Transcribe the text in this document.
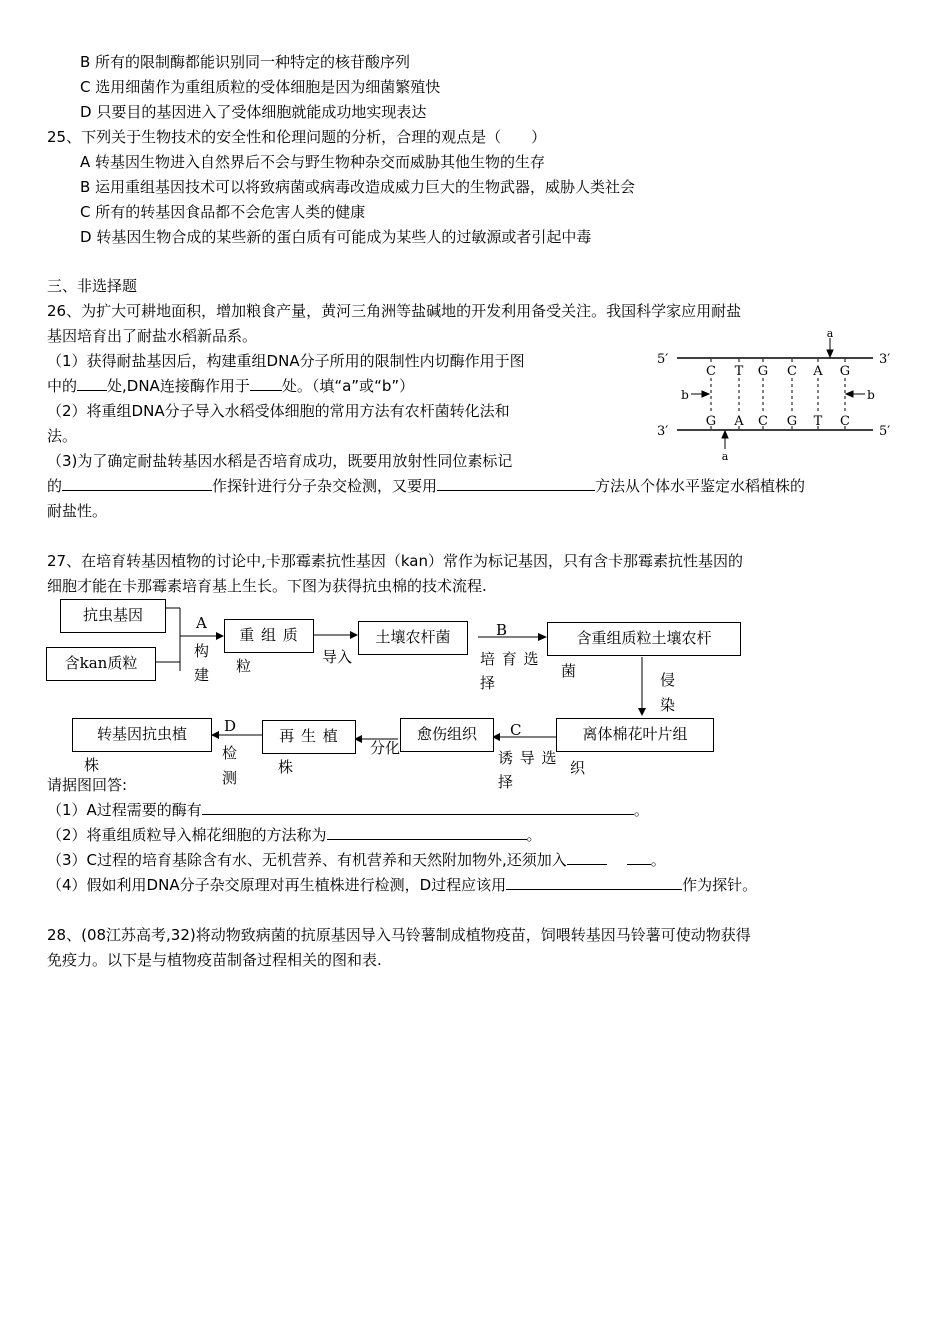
B 所有的限制酶都能识别同一种特定的核苷酸序列
C 选用细菌作为重组质粒的受体细胞是因为细菌繁殖快
D 只要目的基因进入了受体细胞就能成功地实现表达
25、下列关于生物技术的安全性和伦理问题的分析，合理的观点是（　　）
A 转基因生物进入自然界后不会与野生物种杂交而威胁其他生物的生存
B 运用重组基因技术可以将致病菌或病毒改造成威力巨大的生物武器，威胁人类社会
C 所有的转基因食品都不会危害人类的健康
D 转基因生物合成的某些新的蛋白质有可能成为某些人的过敏源或者引起中毒
三、非选择题
26、为扩大可耕地面积，增加粮食产量，黄河三角洲等盐碱地的开发利用备受关注。我国科学家应用耐盐
基因培育出了耐盐水稻新品系。
（1）获得耐盐基因后，构建重组DNA分子所用的限制性内切酶作用于图
中的 处,DNA连接酶作用于 处。（填“a”或“b”）
（2）将重组DNA分子导入水稻受体细胞的常用方法有农杆菌转化法和
法。
（3)为了确定耐盐转基因水稻是否培育成功，既要用放射性同位素标记
的	作探针进行分子杂交检测，又要用	方法从个体水平鉴定水稻植株的
耐盐性。
C T G C A G
G A C G T C
5′	3′
3′	5′
a
a
b	b
27、在培育转基因植物的讨论中,卡那霉素抗性基因（kan）常作为标记基因，只有含卡那霉素抗性基因的
细胞才能在卡那霉素培育基上生长。下图为获得抗虫棉的技术流程.
抗虫基因
含kan质粒
重 组 质	土壤农杆菌	含重组质粒土壤农杆
离体棉花叶片组
愈伤组织
再 生 植
转基因抗虫植
A
构
建 粒	导入
B
培 育 选
择
菌	侵
染
C
诱 导 选
择
织
分化
株
D
检
测
株
请据图回答:
（1）A过程需要的酶有	。
（2）将重组质粒导入棉花细胞的方法称为	。
（3）C过程的培育基除含有水、无机营养、有机营养和天然附加物外,还须加入	。
（4）假如利用DNA分子杂交原理对再生植株进行检测，D过程应该用	作为探针。
28、(08江苏高考,32)将动物致病菌的抗原基因导入马铃薯制成植物疫苗，饲喂转基因马铃薯可使动物获得
免疫力。以下是与植物疫苗制备过程相关的图和表.
